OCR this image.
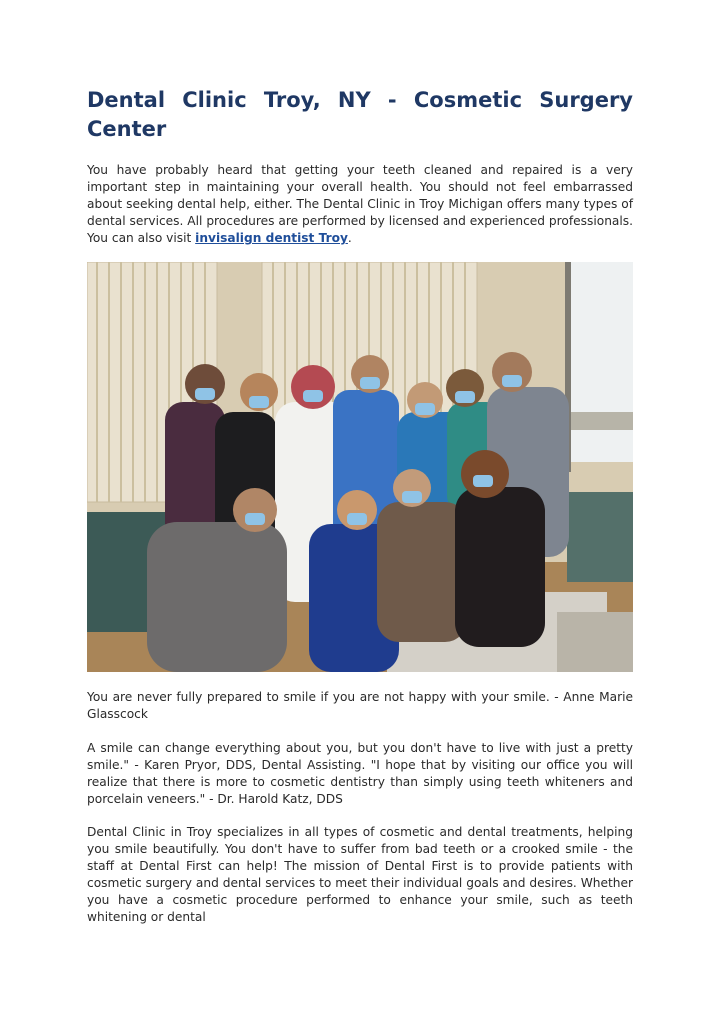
Dental Clinic Troy, NY - Cosmetic Surgery Center

You have probably heard that getting your teeth cleaned and repaired is a very important step in maintaining your overall health. You should not feel embarrassed about seeking dental help, either. The Dental Clinic in Troy Michigan offers many types of dental services. All procedures are performed by licensed and experienced professionals. You can also visit invisalign dentist Troy.

You are never fully prepared to smile if you are not happy with your smile. - Anne Marie Glasscock

A smile can change everything about you, but you don't have to live with just a pretty smile." - Karen Pryor, DDS, Dental Assisting. "I hope that by visiting our office you will realize that there is more to cosmetic dentistry than simply using teeth whiteners and porcelain veneers." - Dr. Harold Katz, DDS

Dental Clinic in Troy specializes in all types of cosmetic and dental treatments, helping you smile beautifully. You don't have to suffer from bad teeth or a crooked smile - the staff at Dental First can help! The mission of Dental First is to provide patients with cosmetic surgery and dental services to meet their individual goals and desires. Whether you have a cosmetic procedure performed to enhance your smile, such as teeth whitening or dental
